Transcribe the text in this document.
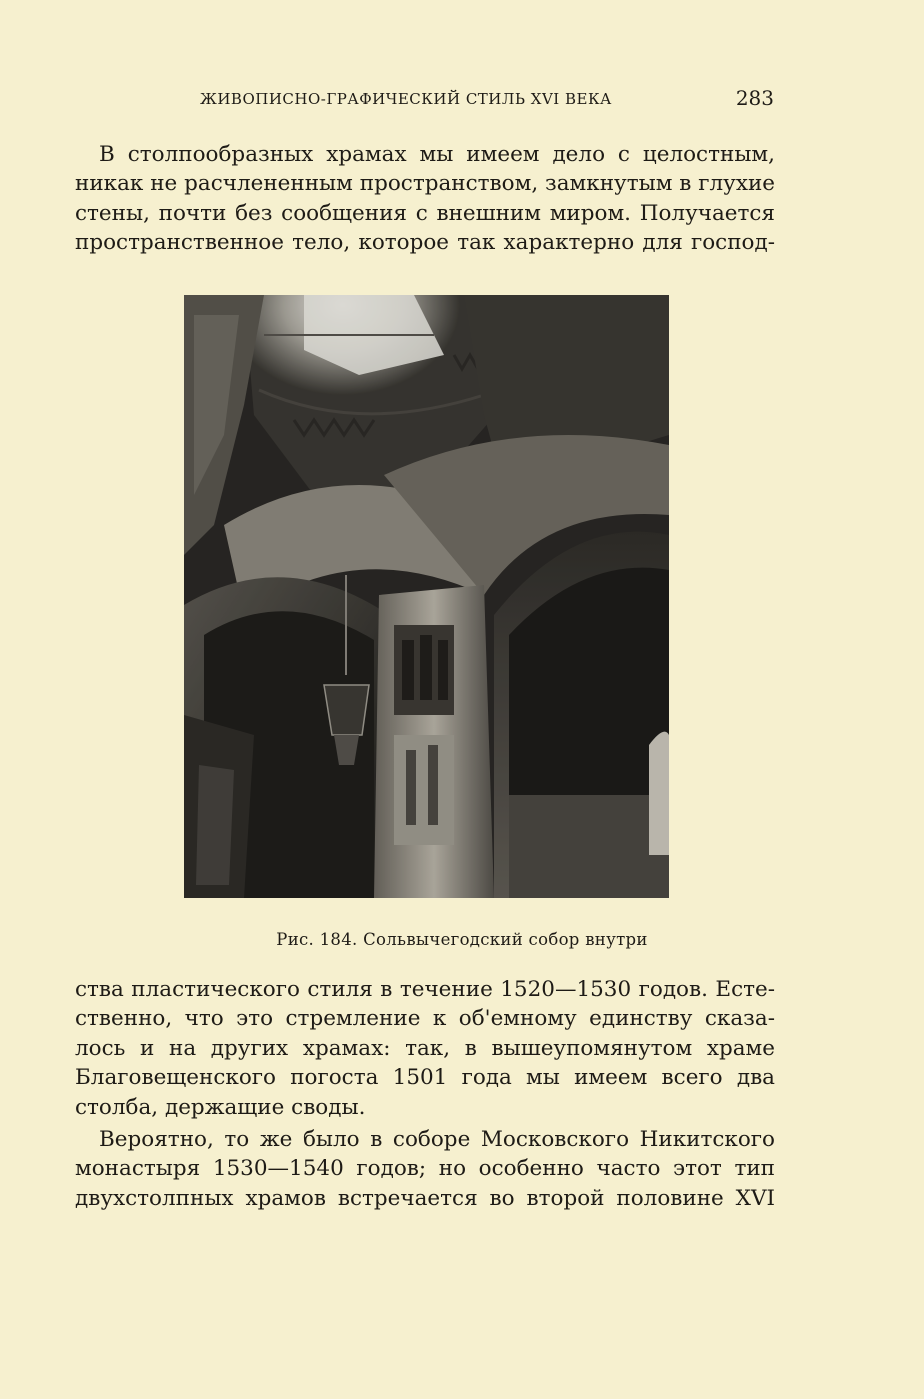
ЖИВОПИСНО-ГРАФИЧЕСКИЙ СТИЛЬ XVI ВЕКА	283
В столпообразных храмах мы имеем дело с целостным,
никак не расчлененным пространством, замкнутым в глухие
стены, почти без сообщения с внешним миром. Получается
пространственное тело, которое так характерно для господ-
Рис. 184. Сольвычегодский собор внутри
ства пластического стиля в течение 1520—1530 годов. Есте-
ственно, что это стремление к об'емному единству сказа-
лось и на других храмах: так, в вышеупомянутом храме
Благовещенского погоста 1501 года мы имеем всего два
столба, держащие своды.
Вероятно, то же было в соборе Московского Никитского
монастыря 1530—1540 годов; но особенно часто этот тип
двухстолпных храмов встречается во второй половине XVI
